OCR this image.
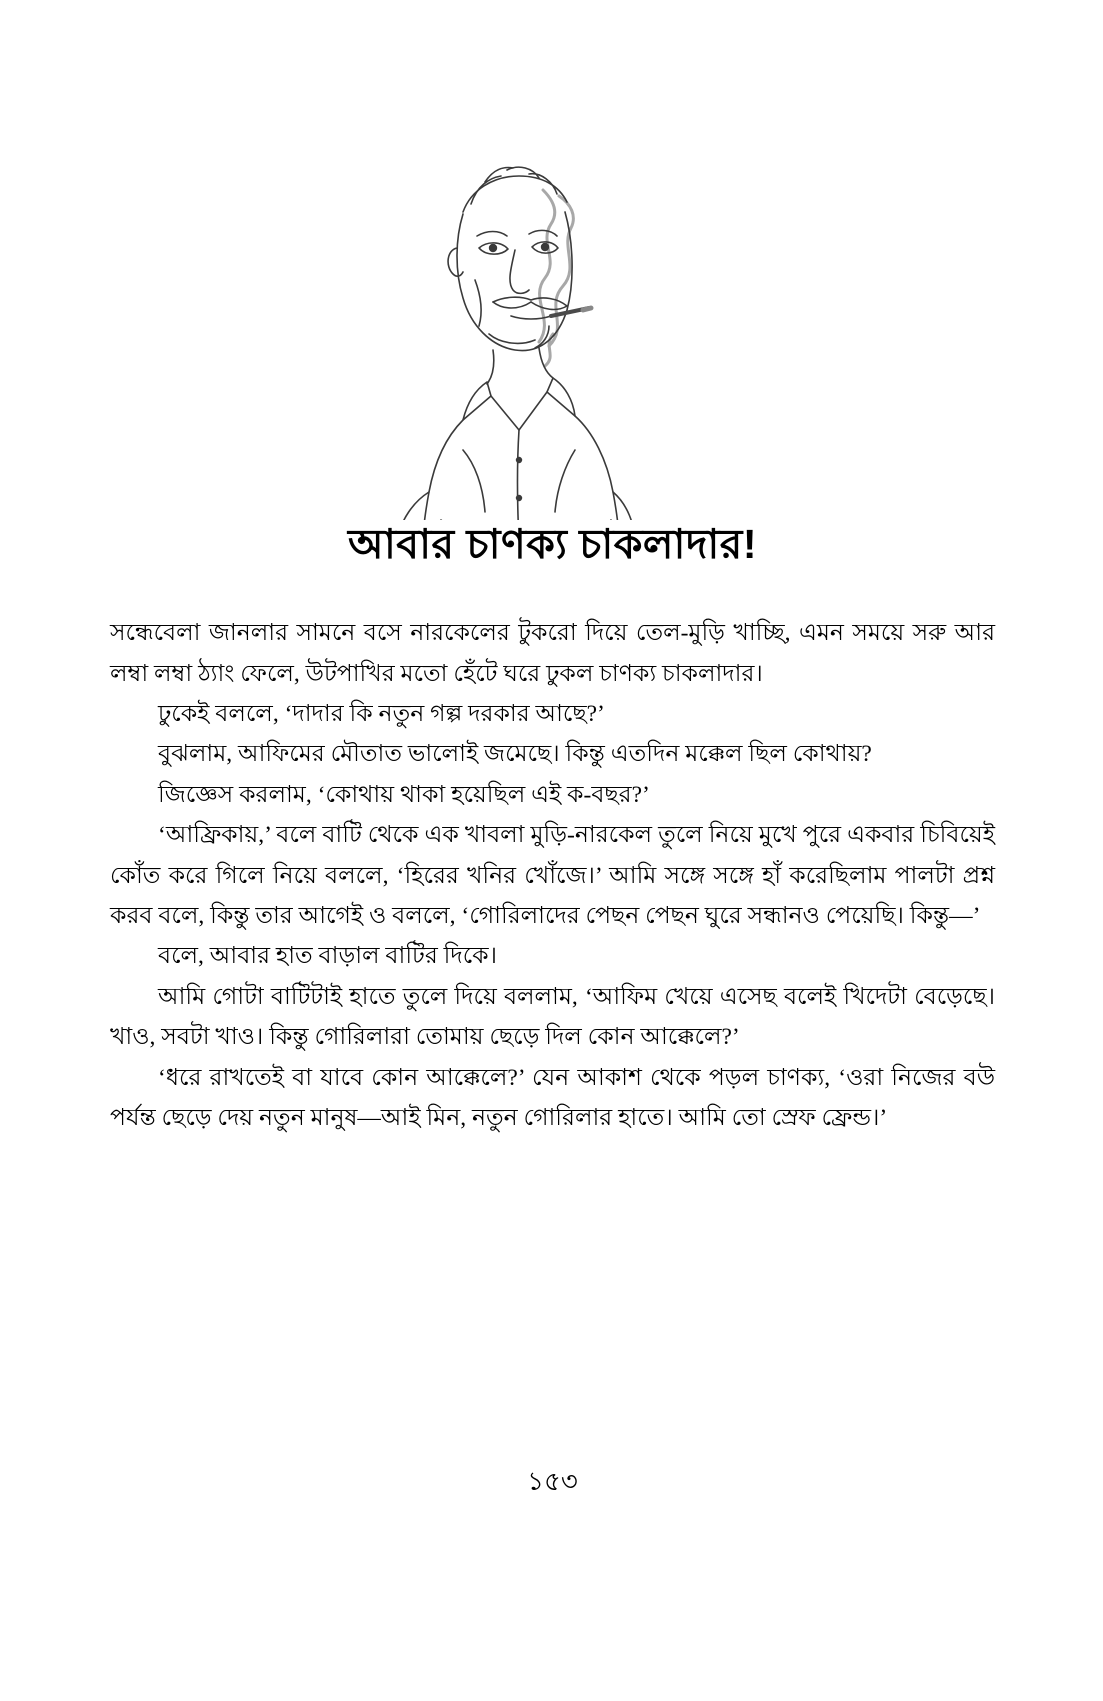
আবার চাণক্য চাকলাদার!

সন্ধেবেলা জানলার সামনে বসে নারকেলের টুকরো দিয়ে তেল-মুড়ি খাচ্ছি, এমন সময়ে সরু আর লম্বা লম্বা ঠ্যাং ফেলে, উটপাখির মতো হেঁটে ঘরে ঢুকল চাণক্য চাকলাদার।

ঢুকেই বললে, ‘দাদার কি নতুন গল্প দরকার আছে?’

বুঝলাম, আফিমের মৌতাত ভালোই জমেছে। কিন্তু এতদিন মক্কেল ছিল কোথায়?

জিজ্ঞেস করলাম, ‘কোথায় থাকা হয়েছিল এই ক-বছর?’

‘আফ্রিকায়,’ বলে বাটি থেকে এক খাবলা মুড়ি-নারকেল তুলে নিয়ে মুখে পুরে একবার চিবিয়েই কোঁত করে গিলে নিয়ে বললে, ‘হিরের খনির খোঁজে।’ আমি সঙ্গে সঙ্গে হাঁ করেছিলাম পালটা প্রশ্ন করব বলে, কিন্তু তার আগেই ও বললে, ‘গোরিলাদের পেছন পেছন ঘুরে সন্ধানও পেয়েছি। কিন্তু—’

বলে, আবার হাত বাড়াল বাটির দিকে।

আমি গোটা বাটিটাই হাতে তুলে দিয়ে বললাম, ‘আফিম খেয়ে এসেছ বলেই খিদেটা বেড়েছে। খাও, সবটা খাও। কিন্তু গোরিলারা তোমায় ছেড়ে দিল কোন আক্কেলে?’

‘ধরে রাখতেই বা যাবে কোন আক্কেলে?’ যেন আকাশ থেকে পড়ল চাণক্য, ‘ওরা নিজের বউ পর্যন্ত ছেড়ে দেয় নতুন মানুষ—আই মিন, নতুন গোরিলার হাতে। আমি তো স্রেফ ফ্রেন্ড।’

১৫৩
